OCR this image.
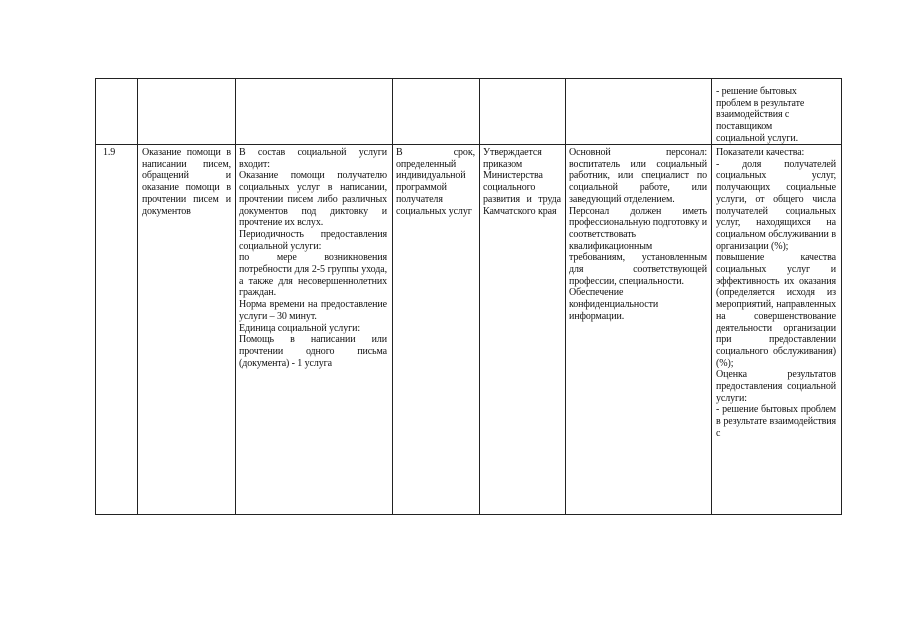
- решение бытовых

проблем в результате

взаимодействия с

поставщиком

социальной услуги.

1.9	Оказание помощи в написании писем, обращений и оказание помощи в прочтении писем и документов

В состав социальной услуги входит:

Оказание помощи получателю социальных услуг в написании, прочтении писем либо различных документов под диктовку и прочтение их вслух.

Периодичность предоставления социальной услуги:

по мере возникновения потребности для 2-5 группы ухода, а также для несовершеннолетних граждан.

Норма времени на предоставление услуги – 30 минут.

Единица социальной услуги:

Помощь в написании или прочтении одного письма (документа) - 1 услуга

В срок, определенный индивидуальной программой получателя социальных услуг

Утверждается приказом Министерства социального развития и труда Камчатского края

Основной персонал: воспитатель или социальный работник, или специалист по социальной работе, или заведующий отделением.

Персонал должен иметь профессиональную подготовку и соответствовать квалификационным требованиям, установленным для соответствующей профессии, специальности.

Обеспечение конфиденциальности информации.

Показатели качества:

- доля получателей социальных услуг, получающих социальные услуги, от общего числа получателей социальных услуг, находящихся на социальном обслуживании в организации (%);

повышение качества социальных услуг и эффективность их оказания (определяется исходя из мероприятий, направленных на совершенствование деятельности организации при предоставлении социального обслуживания) (%);

Оценка результатов предоставления социальной услуги:

- решение бытовых проблем в результате взаимодействия с
